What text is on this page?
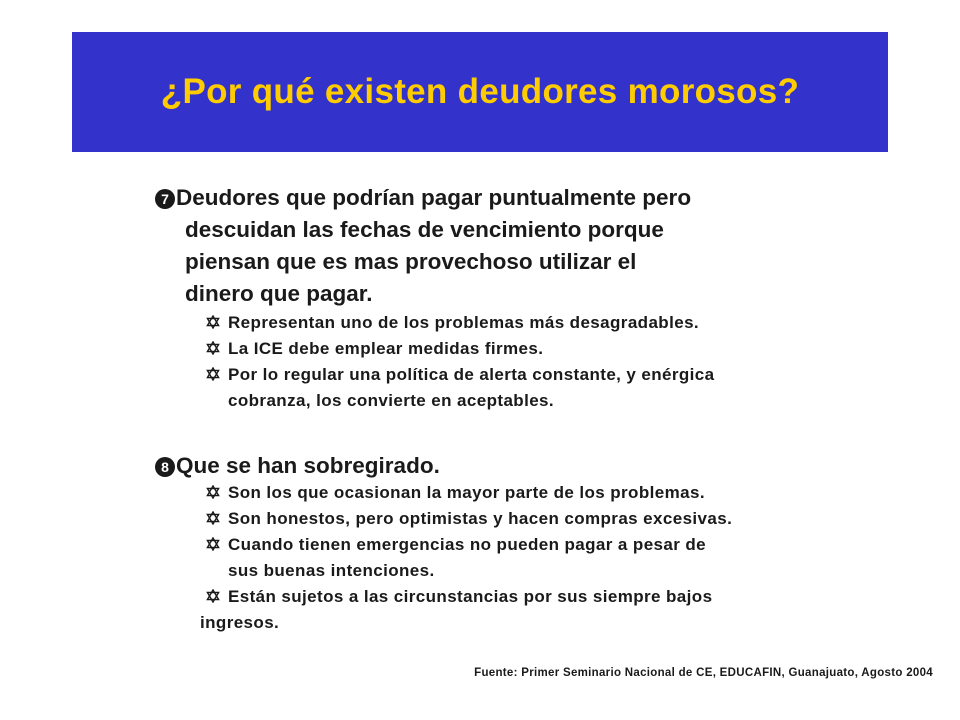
¿Por qué existen deudores morosos?
7 Deudores que podrían pagar puntualmente pero
descuidan las fechas de vencimiento porque
piensan que es mas provechoso utilizar el
dinero que pagar.
Representan uno de los problemas más desagradables.
La ICE debe emplear medidas firmes.
Por lo regular una política de alerta constante, y enérgica
cobranza, los convierte en aceptables.
8 Que se han sobregirado.
Son los que ocasionan la mayor parte de los problemas.
Son honestos, pero optimistas y hacen compras excesivas.
Cuando tienen emergencias no pueden pagar a pesar de
sus buenas intenciones.
Están sujetos a las circunstancias por sus siempre bajos
ingresos.
Fuente: Primer Seminario Nacional de CE, EDUCAFIN, Guanajuato, Agosto 2004
